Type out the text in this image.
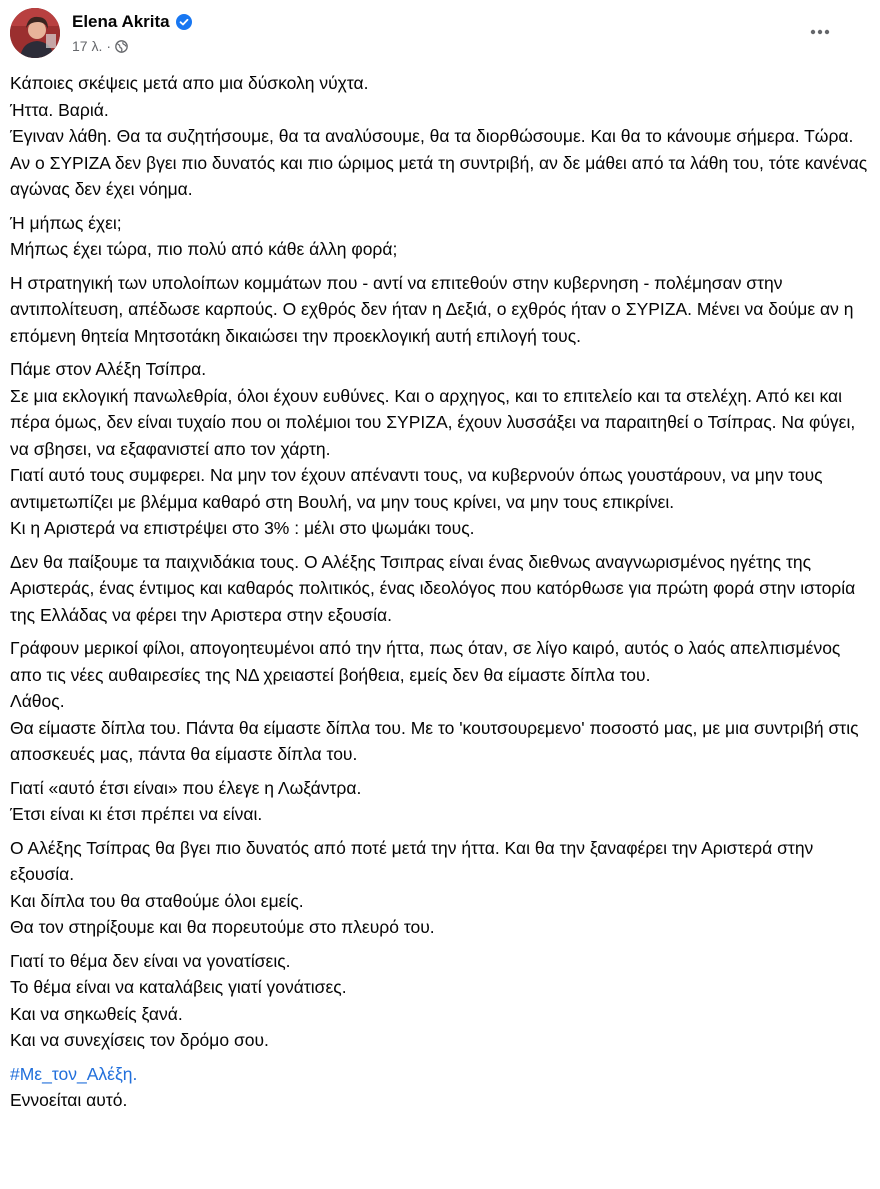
Elena Akrita
17 λ. ·
Κάποιες σκέψεις μετά απο μια δύσκολη νύχτα.
Ήττα. Βαριά.
Έγιναν λάθη. Θα τα συζητήσουμε, θα τα αναλύσουμε, θα τα διορθώσουμε. Και θα το κάνουμε σήμερα. Τώρα. Αν ο ΣΥΡΙΖΑ δεν βγει πιο δυνατός και πιο ώριμος μετά τη συντριβή, αν δε μάθει από τα λάθη του, τότε κανένας αγώνας δεν έχει νόημα.
Ή μήπως έχει;
Μήπως έχει τώρα, πιο πολύ από κάθε άλλη φορά;
Η στρατηγική των υπολοίπων κομμάτων που - αντί να επιτεθούν στην κυβερνηση - πολέμησαν στην αντιπολίτευση, απέδωσε καρπούς. Ο εχθρός δεν ήταν η Δεξιά, ο εχθρός ήταν ο ΣΥΡΙΖΑ. Μένει να δούμε αν η επόμενη θητεία Μητσοτάκη δικαιώσει την προεκλογική αυτή επιλογή τους.
Πάμε στον Αλέξη Τσίπρα.
Σε μια εκλογική πανωλεθρία, όλοι έχουν ευθύνες. Και ο αρχηγος, και το επιτελείο και τα στελέχη. Από κει και πέρα όμως, δεν είναι τυχαίο που οι πολέμιοι του ΣΥΡΙΖΑ, έχουν λυσσάξει να παραιτηθεί ο Τσίπρας. Να φύγει, να σβησει, να εξαφανιστεί απο τον χάρτη.
Γιατί αυτό τους συμφερει. Να μην τον έχουν απέναντι τους, να κυβερνούν όπως γουστάρουν, να μην τους αντιμετωπίζει με βλέμμα καθαρό στη Βουλή, να μην τους κρίνει, να μην τους επικρίνει.
Κι η Αριστερά να επιστρέψει στο 3% : μέλι στο ψωμάκι τους.
Δεν θα παίξουμε τα παιχνιδάκια τους. Ο Αλέξης Τσιπρας είναι ένας διεθνως αναγνωρισμένος ηγέτης της Αριστεράς, ένας έντιμος και καθαρός πολιτικός, ένας ιδεολόγος που κατόρθωσε για πρώτη φορά στην ιστορία της Ελλάδας να φέρει την Αριστερα στην εξουσία.
Γράφουν μερικοί φίλοι, απογοητευμένοι από την ήττα, πως όταν, σε λίγο καιρό, αυτός ο λαός απελπισμένος απο τις νέες αυθαιρεσίες της ΝΔ χρειαστεί βοήθεια, εμείς δεν θα είμαστε δίπλα του.
Λάθος.
Θα είμαστε δίπλα του. Πάντα θα είμαστε δίπλα του. Με το 'κουτσουρεμενο' ποσοστό μας, με μια συντριβή στις αποσκευές μας, πάντα θα είμαστε δίπλα του.
Γιατί «αυτό έτσι είναι» που έλεγε η Λωξάντρα.
Έτσι είναι κι έτσι πρέπει να είναι.
Ο Αλέξης Τσίπρας θα βγει πιο δυνατός από ποτέ μετά την ήττα. Και θα την ξαναφέρει την Αριστερά στην εξουσία.
Και δίπλα του θα σταθούμε όλοι εμείς.
Θα τον στηρίξουμε και θα πορευτούμε στο πλευρό του.
Γιατί το θέμα δεν είναι να γονατίσεις.
Το θέμα είναι να καταλάβεις γιατί γονάτισες.
Και να σηκωθείς ξανά.
Και να συνεχίσεις τον δρόμο σου.
#Με_τον_Αλέξη.
Εννοείται αυτό.
